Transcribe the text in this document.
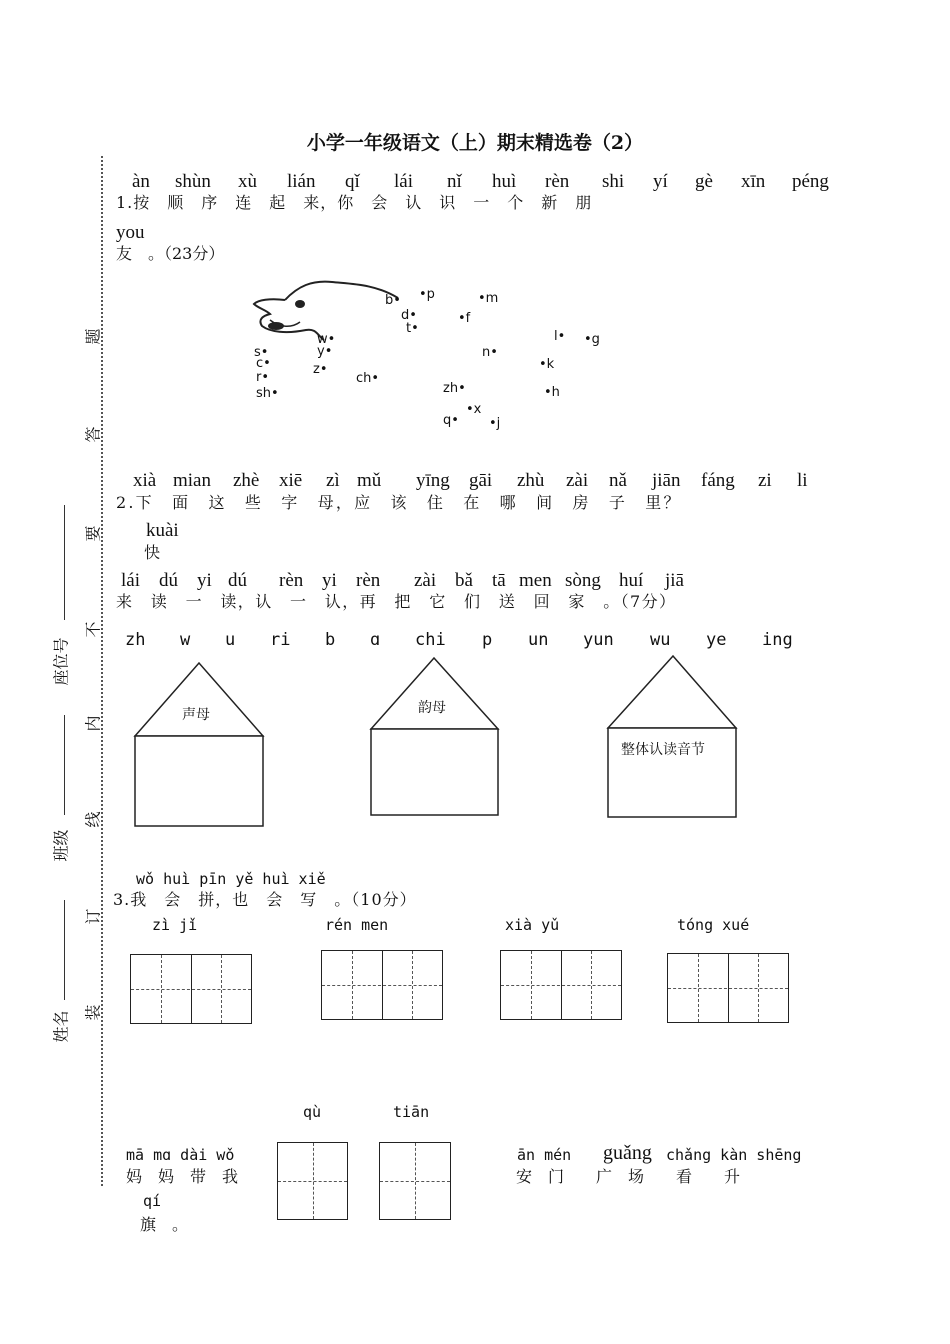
小学一年级语文（上）期末精选卷（2）
题
答
要
不
内
线
订
装
座位号
班级
姓名
àn shùn xù lián qǐ lái nǐ huì rèn shi yí gè xīn péng
1.按　顺　序　连　起　来，你　会　认　识　一　个　新　朋
you
友　。（23分）
b• •p	•m
d•	•f
t•
w•
y•
s•
c•	z•
r•
sh•
ch•
n•
l• •g
•k
•h
zh•
•x
q• •j
xià mian zhè xiē zì mǔ yīng gāi zhù zài nǎ jiān fáng zi li
2.下　面　这　些　字　母，应　该　住　在　哪　间　房　子　里？
kuài
快
lái dú yi dú rèn yi rèn zài bǎ tā men sòng huí jiā
来　读　一　读，认　一　认，再　把　它　们　送　回　家　。（7分）
zh w u ri b ɑ chi p un yun wu ye ing
声母	韵母
整体认读音节
wǒ huì pīn yě huì xiě
3.我　会　拼，也　会　写　。（10分）
zì jǐ	rén men	xià yǔ	tóng xué
mā mɑ dài wǒ
妈　妈　带　我
qù	tiān
ān mén guǎng chǎng kàn shēng
安　门　　广　场　　看　　升
qí
旗　。
